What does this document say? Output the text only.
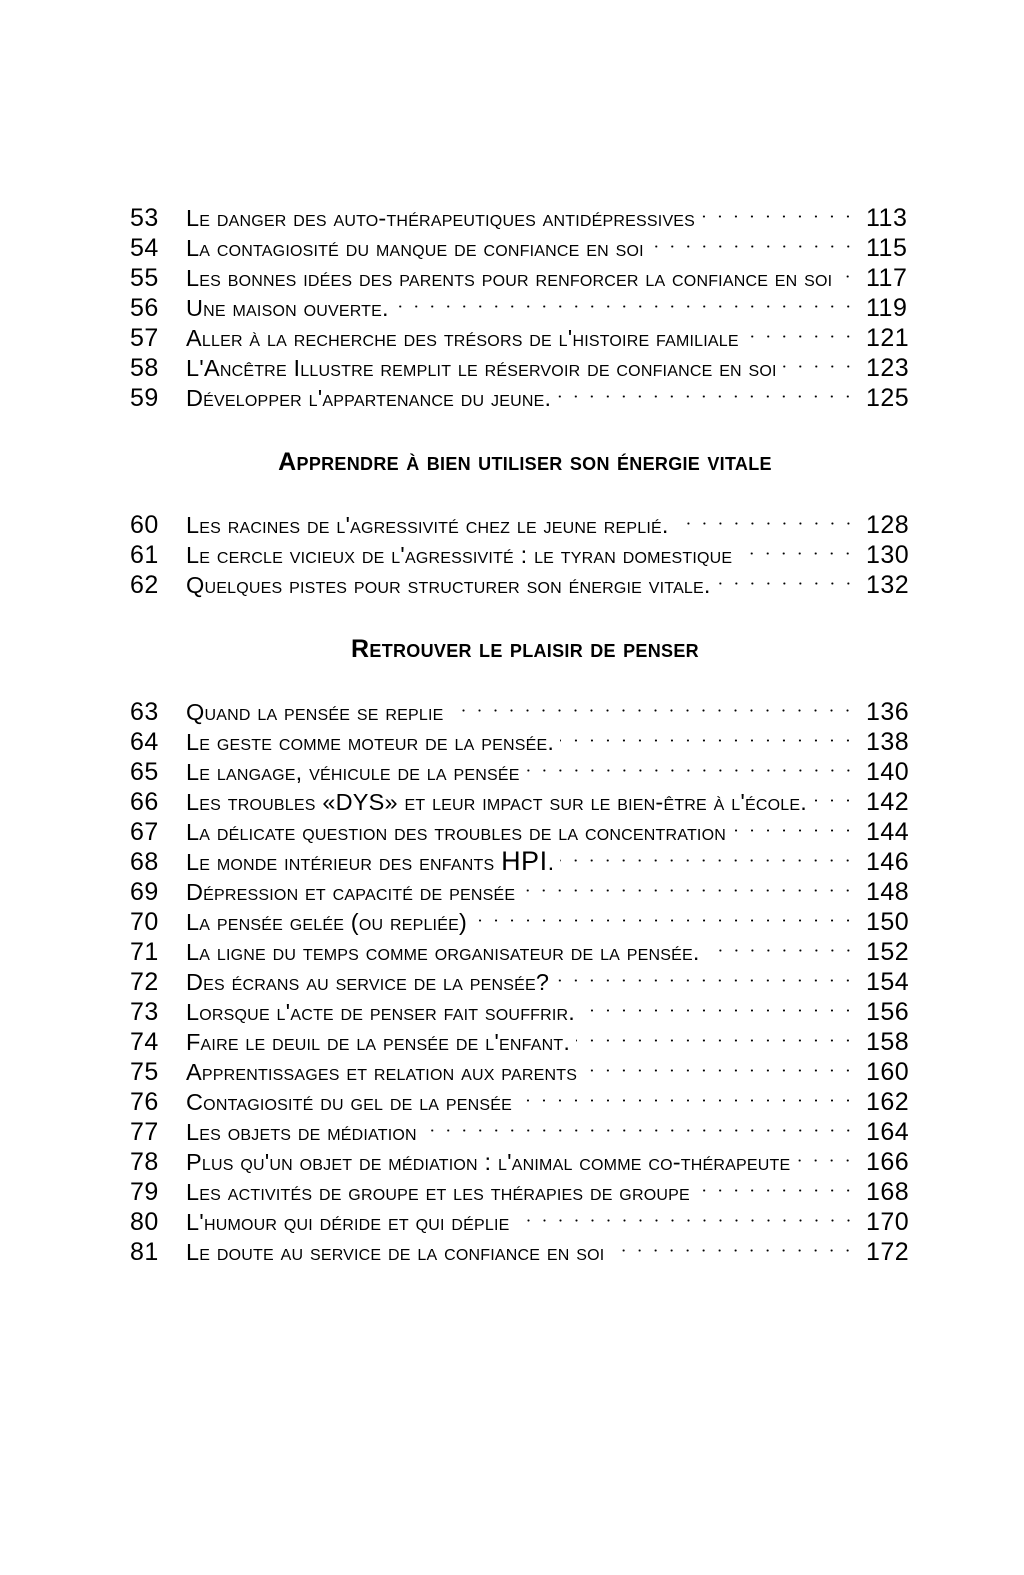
53	Le danger des auto-thérapeutiques antidépressives	113
54	La contagiosité du manque de confiance en soi	115
55	Les bonnes idées des parents pour renforcer la confiance en soi	117
56	Une maison ouverte.	119
57	Aller à la recherche des trésors de l'histoire familiale	121
58	L'Ancêtre Illustre remplit le réservoir de confiance en soi	123
59	Développer l'appartenance du jeune.	125
Apprendre à bien utiliser son énergie vitale
60	Les racines de l'agressivité chez le jeune replié.	128
61	Le cercle vicieux de l'agressivité : le tyran domestique	130
62	Quelques pistes pour structurer son énergie vitale.	132
Retrouver le plaisir de penser
63	Quand la pensée se replie	136
64	Le geste comme moteur de la pensée.	138
65	Le langage, véhicule de la pensée	140
66	Les troubles «DYS» et leur impact sur le bien-être à l'école.	142
67	La délicate question des troubles de la concentration	144
68	Le monde intérieur des enfants HPI.	146
69	Dépression et capacité de pensée	148
70	La pensée gelée (ou repliée)	150
71	La ligne du temps comme organisateur de la pensée.	152
72	Des écrans au service de la pensée?	154
73	Lorsque l'acte de penser fait souffrir.	156
74	Faire le deuil de la pensée de l'enfant.	158
75	Apprentissages et relation aux parents	160
76	Contagiosité du gel de la pensée	162
77	Les objets de médiation	164
78	Plus qu'un objet de médiation : l'animal comme co-thérapeute	166
79	Les activités de groupe et les thérapies de groupe	168
80	L'humour qui déride et qui déplie	170
81	Le doute au service de la confiance en soi	172
